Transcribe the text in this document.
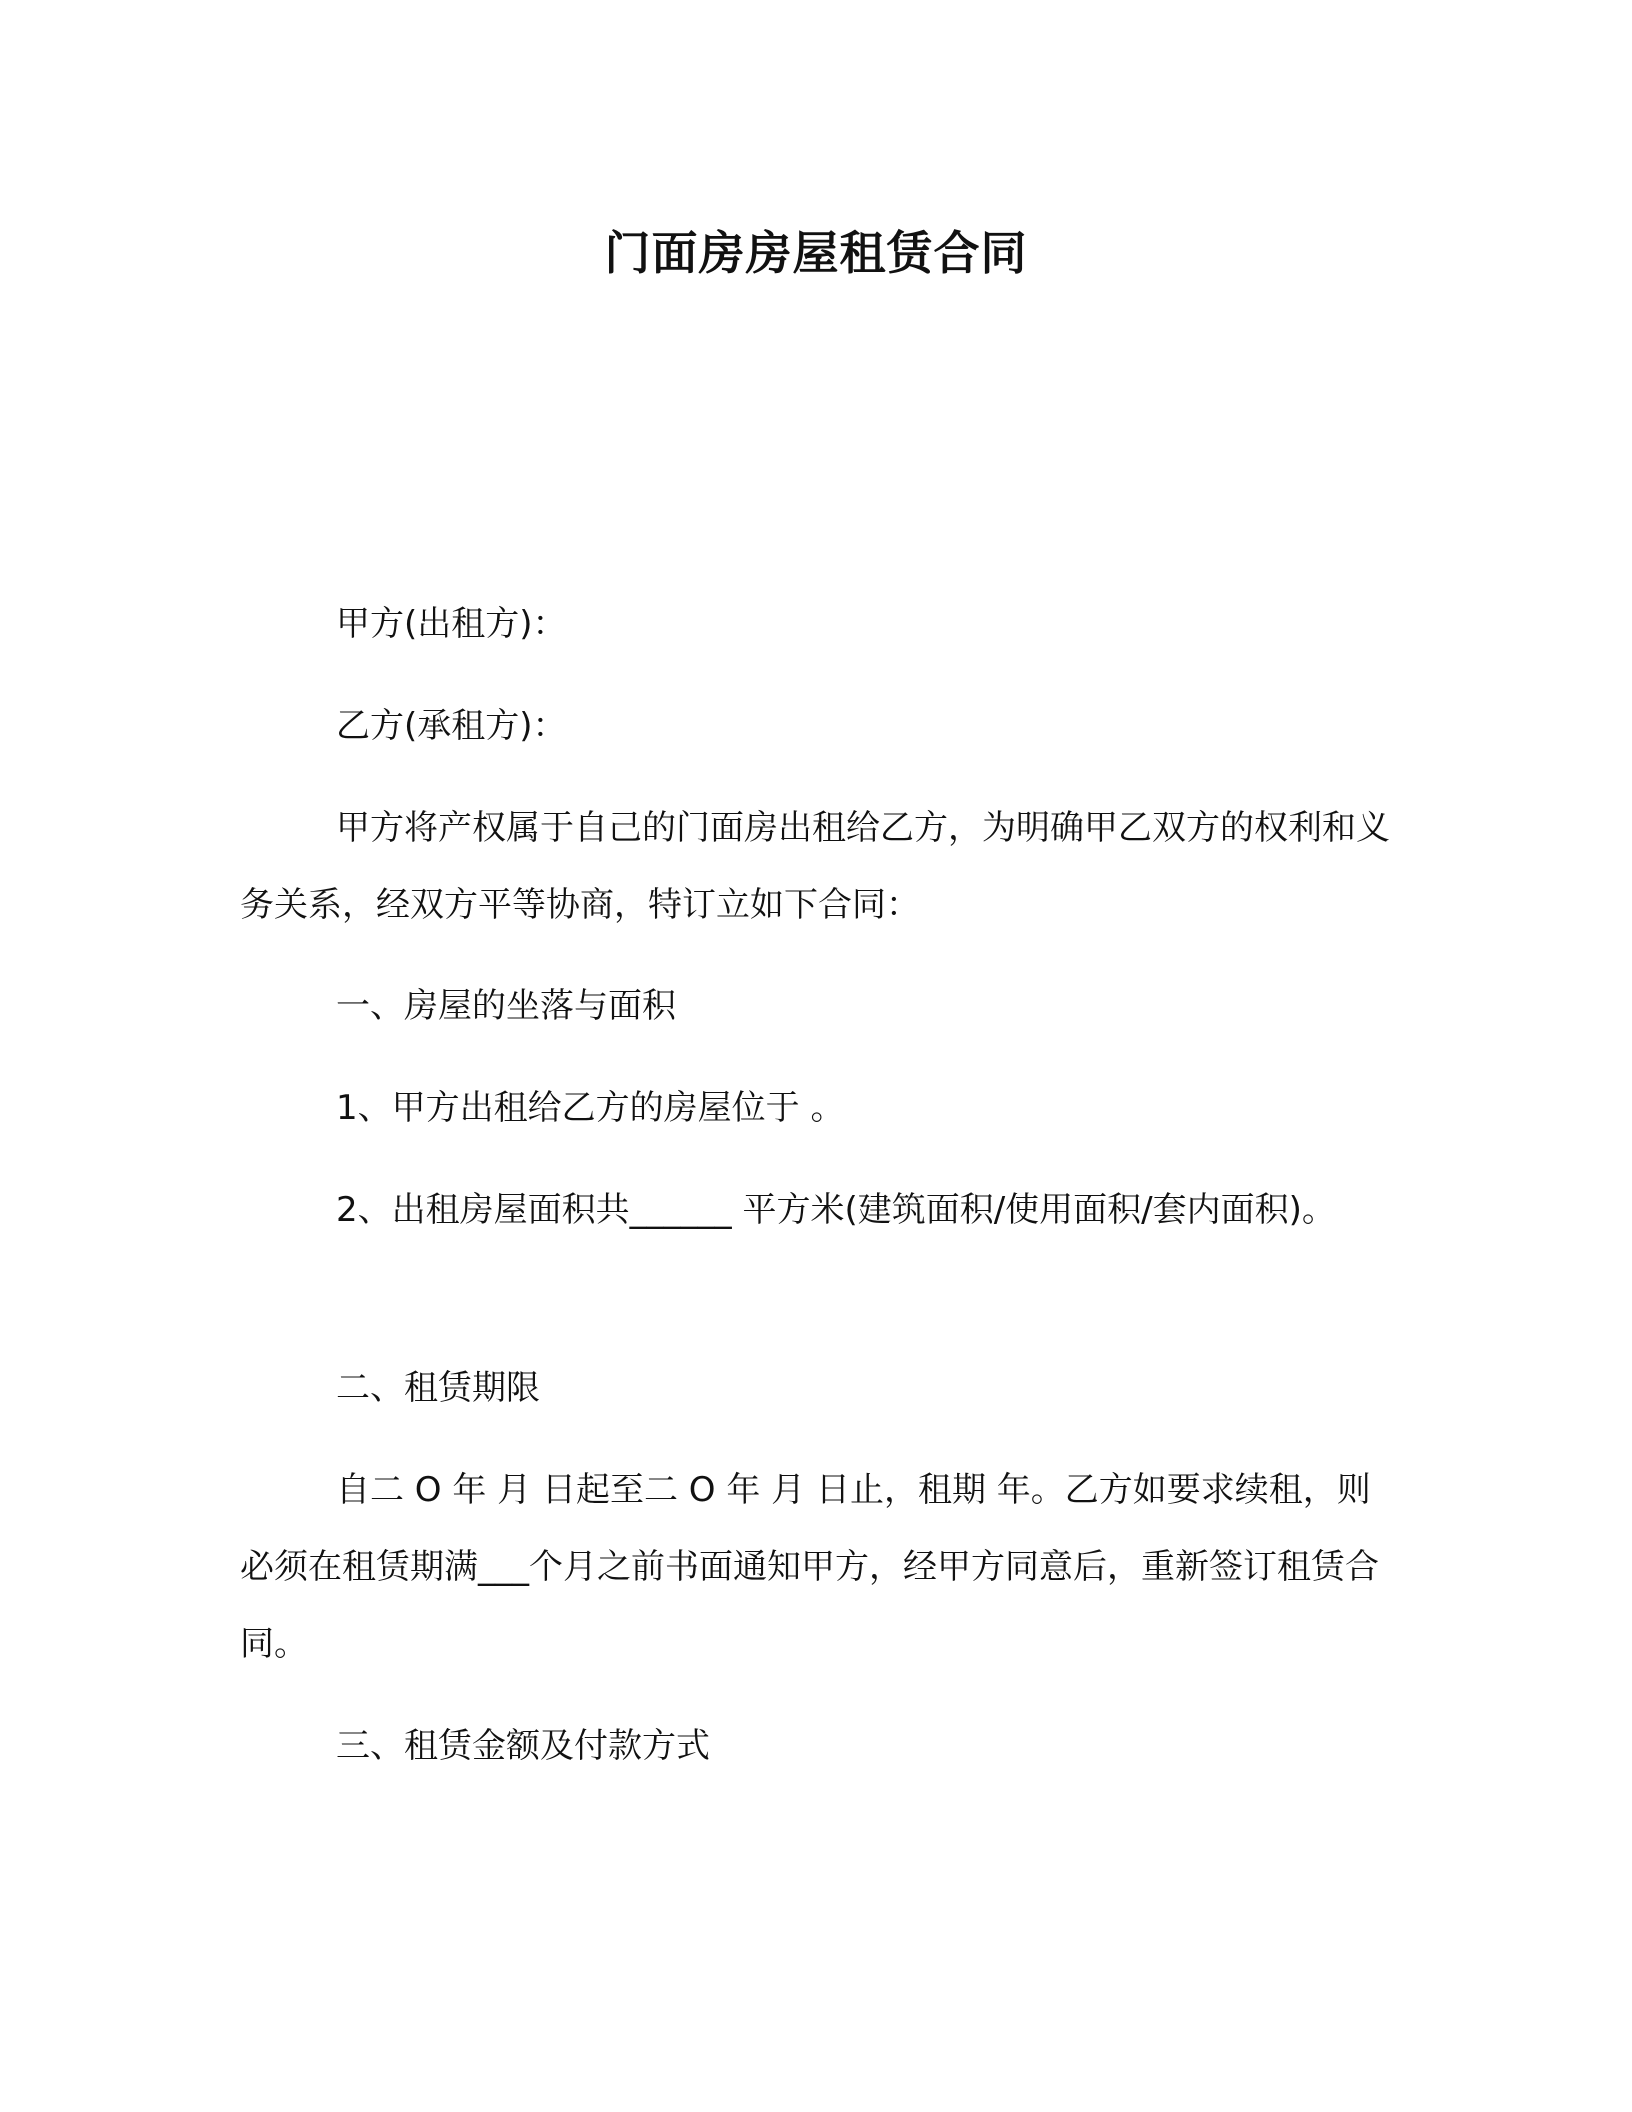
门面房房屋租赁合同

甲方(出租方)：

乙方(承租方)：

甲方将产权属于自己的门面房出租给乙方，为明确甲乙双方的权利和义务关系，经双方平等协商，特订立如下合同：

一、房屋的坐落与面积

1、甲方出租给乙方的房屋位于 。

2、出租房屋面积共______ 平方米(建筑面积/使用面积/套内面积)。

二、租赁期限

自二 O 年 月 日起至二 O 年 月 日止，租期 年。乙方如要求续租，则必须在租赁期满___个月之前书面通知甲方，经甲方同意后，重新签订租赁合同。

三、租赁金额及付款方式
